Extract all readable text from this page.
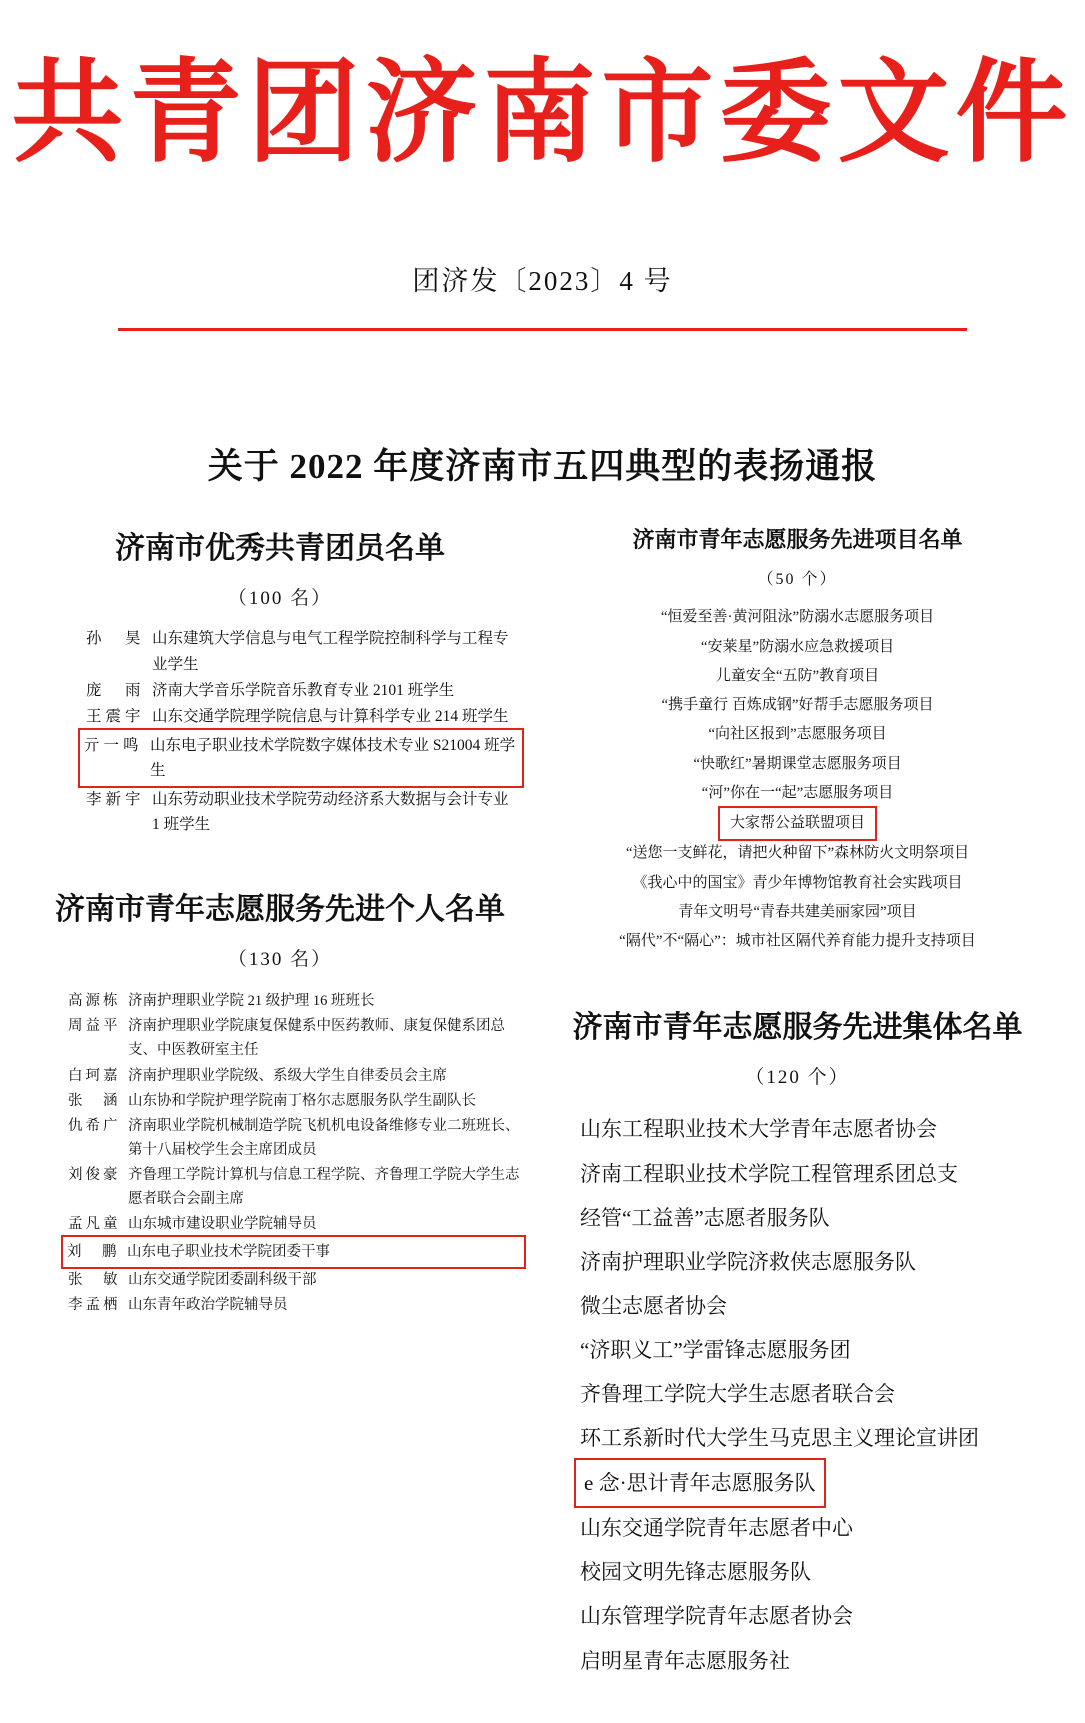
共青团济南市委文件
团济发〔2023〕4 号
关于 2022 年度济南市五四典型的表扬通报
济南市优秀共青团员名单
（100 名）
孙　昊 山东建筑大学信息与电气工程学院控制科学与工程专业学生
庞　雨 济南大学音乐学院音乐教育专业 2101 班学生
王震宇 山东交通学院理学院信息与计算科学专业 214 班学生
亓一鸣 山东电子职业技术学院数字媒体技术专业 S21004 班学生
李新宇 山东劳动职业技术学院劳动经济系大数据与会计专业 1 班学生
济南市青年志愿服务先进个人名单
（130 名）
高源栋 济南护理职业学院 21 级护理 16 班班长
周益平 济南护理职业学院康复保健系中医药教师、康复保健系团总支、中医教研室主任
白珂嘉 济南护理职业学院级、系级大学生自律委员会主席
张　涵 山东协和学院护理学院南丁格尔志愿服务队学生副队长
仇希广 济南职业学院机械制造学院飞机机电设备维修专业二班班长、第十八届校学生会主席团成员
刘俊豪 齐鲁理工学院计算机与信息工程学院、齐鲁理工学院大学生志愿者联合会副主席
孟凡童 山东城市建设职业学院辅导员
刘　鹏 山东电子职业技术学院团委干事
张　敏 山东交通学院团委副科级干部
李孟栖 山东青年政治学院辅导员
济南市青年志愿服务先进项目名单
（50 个）
“恒爱至善·黄河阻泳”防溺水志愿服务项目
“安莱星”防溺水应急救援项目
儿童安全“五防”教育项目
“携手童行 百炼成钢”好帮手志愿服务项目
“向社区报到”志愿服务项目
“快歌红”暑期课堂志愿服务项目
“河”你在一“起”志愿服务项目
大家帮公益联盟项目
“送您一支鲜花，请把火种留下”森林防火文明祭项目
《我心中的国宝》青少年博物馆教育社会实践项目
青年文明号“青春共建美丽家园”项目
“隔代”不“隔心”：城市社区隔代养育能力提升支持项目
济南市青年志愿服务先进集体名单
（120 个）
山东工程职业技术大学青年志愿者协会
济南工程职业技术学院工程管理系团总支
经管“工益善”志愿者服务队
济南护理职业学院济救侠志愿服务队
微尘志愿者协会
“济职义工”学雷锋志愿服务团
齐鲁理工学院大学生志愿者联合会
环工系新时代大学生马克思主义理论宣讲团
e 念·思计青年志愿服务队
山东交通学院青年志愿者中心
校园文明先锋志愿服务队
山东管理学院青年志愿者协会
启明星青年志愿服务社
